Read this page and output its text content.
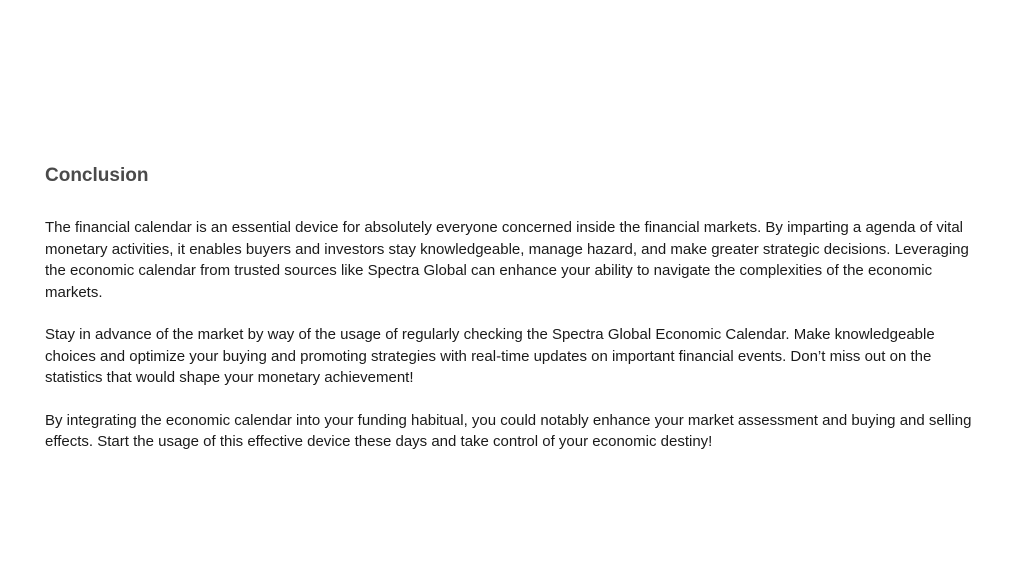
Conclusion

The financial calendar is an essential device for absolutely everyone concerned inside the financial markets. By imparting a agenda of vital monetary activities, it enables buyers and investors stay knowledgeable, manage hazard, and make greater strategic decisions. Leveraging the economic calendar from trusted sources like Spectra Global can enhance your ability to navigate the complexities of the economic markets.

Stay in advance of the market by way of the usage of regularly checking the Spectra Global Economic Calendar. Make knowledgeable choices and optimize your buying and promoting strategies with real-time updates on important financial events. Don’t miss out on the statistics that would shape your monetary achievement!

By integrating the economic calendar into your funding habitual, you could notably enhance your market assessment and buying and selling effects. Start the usage of this effective device these days and take control of your economic destiny!
